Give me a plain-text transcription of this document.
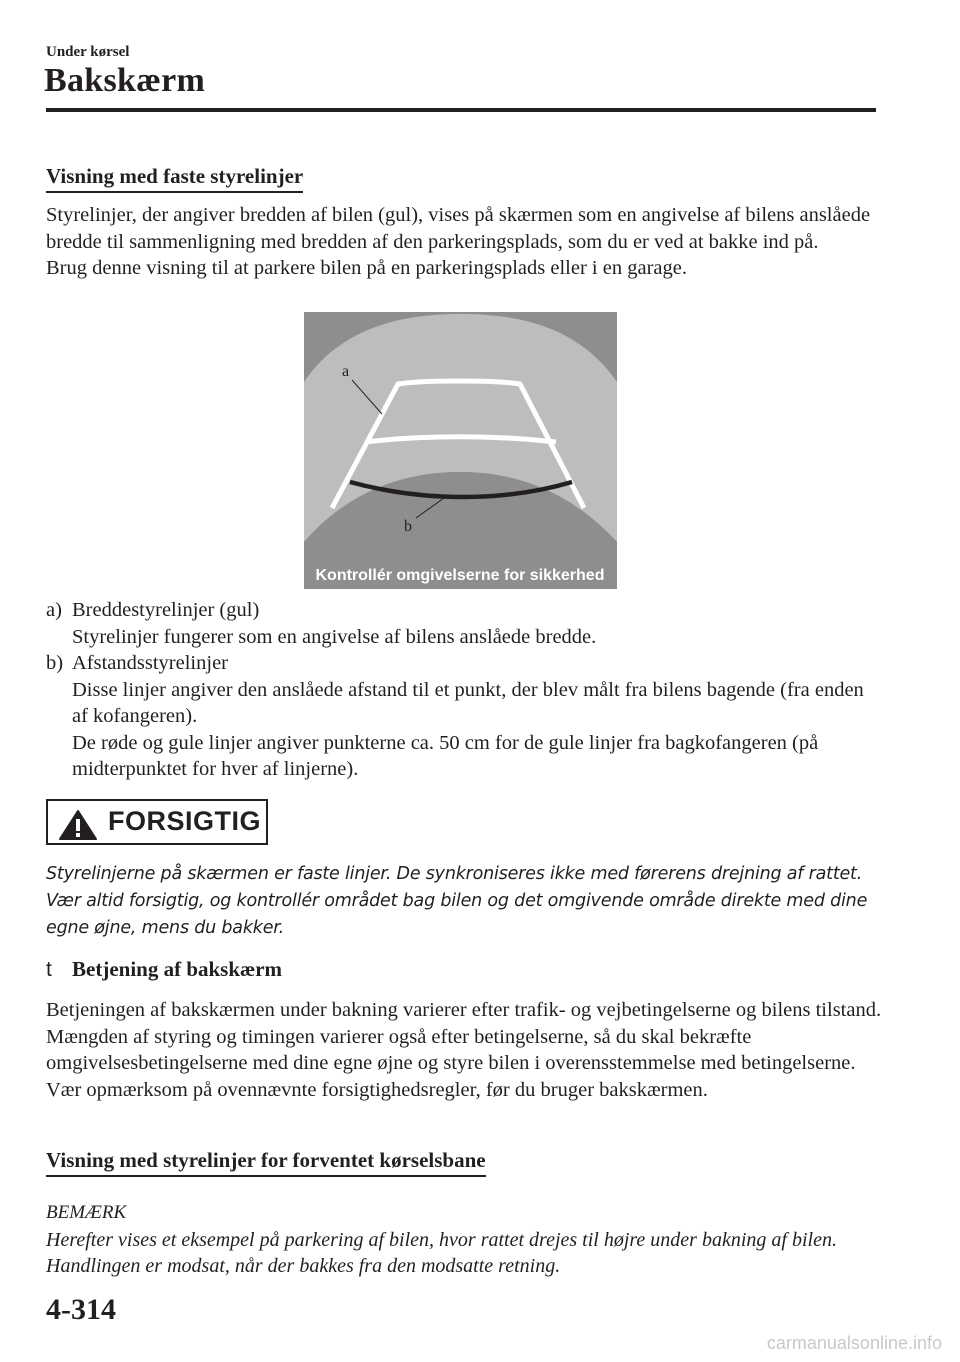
Under kørsel
Bakskærm
Visning med faste styrelinjer

Styrelinjer, der angiver bredden af bilen (gul), vises på skærmen som en angivelse af bilens anslåede bredde til sammenligning med bredden af den parkeringsplads, som du er ved at bakke ind på.

Brug denne visning til at parkere bilen på en parkeringsplads eller i en garage.

a
b
Kontrollér omgivelserne for sikkerhed
a) Breddestyrelinjer (gul)

Styrelinjer fungerer som en angivelse af bilens anslåede bredde.

b) Afstandsstyrelinjer

Disse linjer angiver den anslåede afstand til et punkt, der blev målt fra bilens bagende (fra enden af kofangeren).

De røde og gule linjer angiver punkterne ca. 50 cm for de gule linjer fra bagkofangeren (på midterpunktet for hver af linjerne).

FORSIGTIG
Styrelinjerne på skærmen er faste linjer. De synkroniseres ikke med førerens drejning af rattet. Vær altid forsigtig, og kontrollér området bag bilen og det omgivende område direkte med dine egne øjne, mens du bakker.
t Betjening af bakskærm

Betjeningen af bakskærmen under bakning varierer efter trafik- og vejbetingelserne og bilens tilstand. Mængden af styring og timingen varierer også efter betingelserne, så du skal bekræfte omgivelsesbetingelserne med dine egne øjne og styre bilen i overensstemmelse med betingelserne.

Vær opmærksom på ovennævnte forsigtighedsregler, før du bruger bakskærmen.

Visning med styrelinjer for forventet kørselsbane
BEMÆRK
Herefter vises et eksempel på parkering af bilen, hvor rattet drejes til højre under bakning af bilen. Handlingen er modsat, når der bakkes fra den modsatte retning.
4-314
carmanualsonline.info
